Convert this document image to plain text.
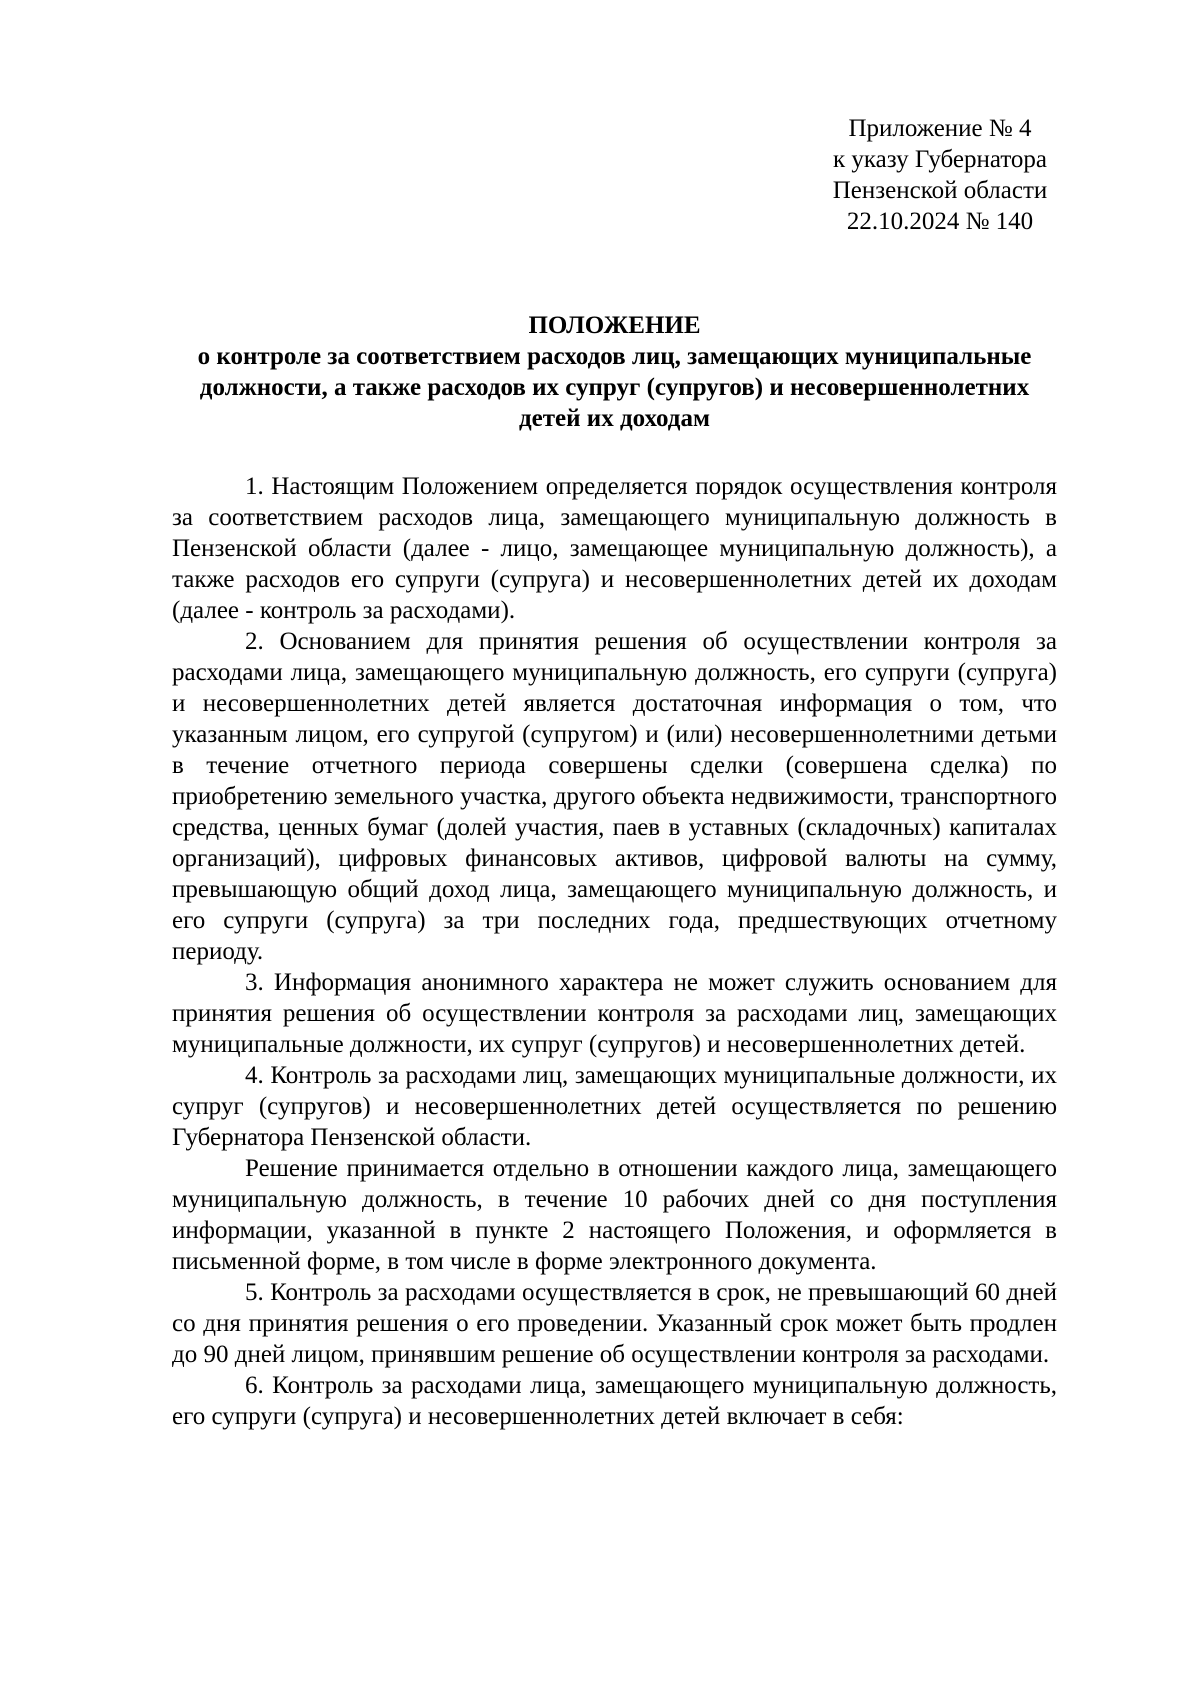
Приложение № 4
к указу Губернатора
Пензенской области
22.10.2024 № 140
ПОЛОЖЕНИЕ
о контроле за соответствием расходов лиц, замещающих муниципальные должности, а также расходов их супруг (супругов) и несовершеннолетних детей их доходам

1. Настоящим Положением определяется порядок осуществления контроля за соответствием расходов лица, замещающего муниципальную должность в Пензенской области (далее - лицо, замещающее муниципальную должность), а также расходов его супруги (супруга) и несовершеннолетних детей их доходам (далее - контроль за расходами).

2. Основанием для принятия решения об осуществлении контроля за расходами лица, замещающего муниципальную должность, его супруги (супруга) и несовершеннолетних детей является достаточная информация о том, что указанным лицом, его супругой (супругом) и (или) несовершеннолетними детьми в течение отчетного периода совершены сделки (совершена сделка) по приобретению земельного участка, другого объекта недвижимости, транспортного средства, ценных бумаг (долей участия, паев в уставных (складочных) капиталах организаций), цифровых финансовых активов, цифровой валюты на сумму, превышающую общий доход лица, замещающего муниципальную должность, и его супруги (супруга) за три последних года, предшествующих отчетному периоду.

3. Информация анонимного характера не может служить основанием для принятия решения об осуществлении контроля за расходами лиц, замещающих муниципальные должности, их супруг (супругов) и несовершеннолетних детей.

4. Контроль за расходами лиц, замещающих муниципальные должности, их супруг (супругов) и несовершеннолетних детей осуществляется по решению Губернатора Пензенской области.

Решение принимается отдельно в отношении каждого лица, замещающего муниципальную должность, в течение 10 рабочих дней со дня поступления информации, указанной в пункте 2 настоящего Положения, и оформляется в письменной форме, в том числе в форме электронного документа.

5. Контроль за расходами осуществляется в срок, не превышающий 60 дней со дня принятия решения о его проведении. Указанный срок может быть продлен до 90 дней лицом, принявшим решение об осуществлении контроля за расходами.

6. Контроль за расходами лица, замещающего муниципальную должность, его супруги (супруга) и несовершеннолетних детей включает в себя:
